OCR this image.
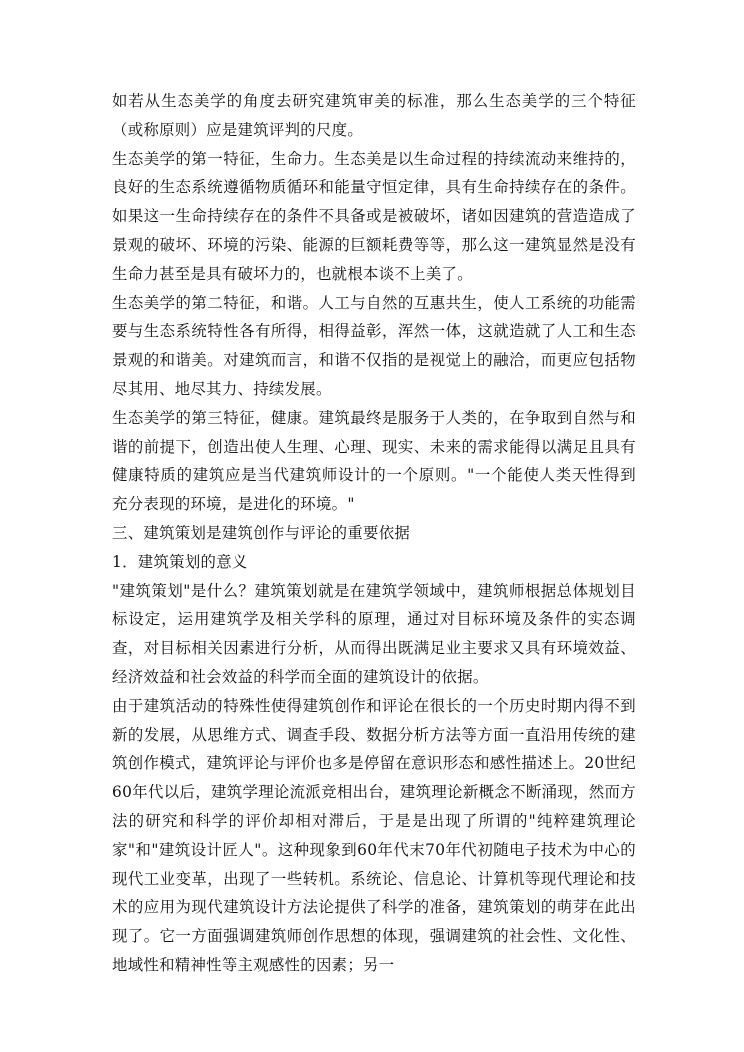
如若从生态美学的角度去研究建筑审美的标准，那么生态美学的三个特征（或称原则）应是建筑评判的尺度。

生态美学的第一特征，生命力。生态美是以生命过程的持续流动来维持的，良好的生态系统遵循物质循环和能量守恒定律，具有生命持续存在的条件。如果这一生命持续存在的条件不具备或是被破坏，诸如因建筑的营造造成了景观的破坏、环境的污染、能源的巨额耗费等等，那么这一建筑显然是没有生命力甚至是具有破坏力的，也就根本谈不上美了。

生态美学的第二特征，和谐。人工与自然的互惠共生，使人工系统的功能需要与生态系统特性各有所得，相得益彰，浑然一体，这就造就了人工和生态景观的和谐美。对建筑而言，和谐不仅指的是视觉上的融洽，而更应包括物尽其用、地尽其力、持续发展。

生态美学的第三特征，健康。建筑最终是服务于人类的，在争取到自然与和谐的前提下，创造出使人生理、心理、现实、未来的需求能得以满足且具有健康特质的建筑应是当代建筑师设计的一个原则。"一个能使人类天性得到充分表现的环境，是进化的环境。"

三、建筑策划是建筑创作与评论的重要依据

1．建筑策划的意义

"建筑策划"是什么？建筑策划就是在建筑学领域中，建筑师根据总体规划目标设定，运用建筑学及相关学科的原理，通过对目标环境及条件的实态调查，对目标相关因素进行分析，从而得出既满足业主要求又具有环境效益、经济效益和社会效益的科学而全面的建筑设计的依据。

由于建筑活动的特殊性使得建筑创作和评论在很长的一个历史时期内得不到新的发展，从思维方式、调查手段、数据分析方法等方面一直沿用传统的建筑创作模式，建筑评论与评价也多是停留在意识形态和感性描述上。20世纪60年代以后，建筑学理论流派竞相出台，建筑理论新概念不断涌现，然而方法的研究和科学的评价却相对滞后，于是是出现了所谓的"纯粹建筑理论家"和"建筑设计匠人"。这种现象到60年代末70年代初随电子技术为中心的现代工业变革，出现了一些转机。系统论、信息论、计算机等现代理论和技术的应用为现代建筑设计方法论提供了科学的准备，建筑策划的萌芽在此出现了。它一方面强调建筑师创作思想的体现，强调建筑的社会性、文化性、地域性和精神性等主观感性的因素；另一
